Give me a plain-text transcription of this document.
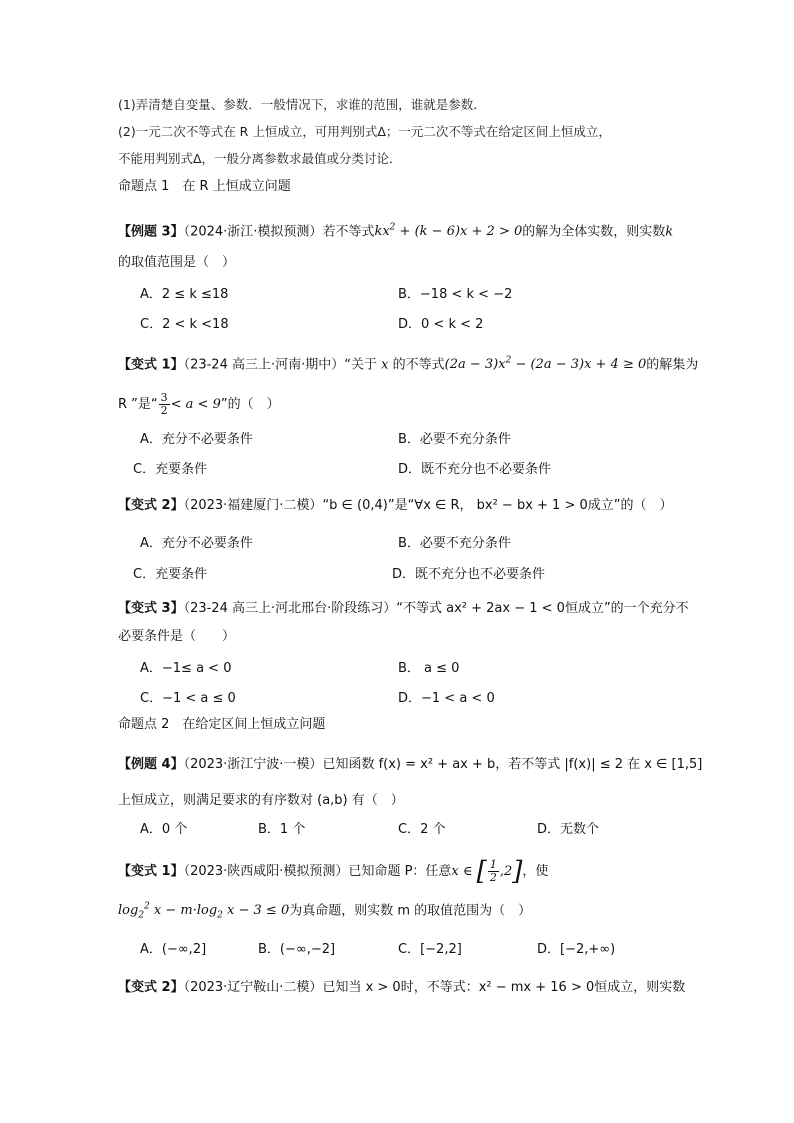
(1)弄清楚自变量、参数．一般情况下，求谁的范围，谁就是参数．
(2)一元二次不等式在 R 上恒成立，可用判别式Δ；一元二次不等式在给定区间上恒成立，
不能用判别式Δ，一般分离参数求最值或分类讨论．
命题点 1　在 R 上恒成立问题
【例题 3】（2024·浙江·模拟预测）若不等式$kx^2 + (k - 6)x + 2 > 0$的解为全体实数，则实数k
的取值范围是（　）
A．2 ≤ k ≤18	B．−18 < k < −2
C．2 < k <18	D．0 < k < 2
【变式 1】（23-24 高三上·河南·期中）“关于 x 的不等式$(2a - 3)x^2 - (2a - 3)x + 4 \ge 0$的解集为
R ”是“ $\frac{3}{2} < a < 9$”的（　）
A．充分不必要条件	B．必要不充分条件
C．充要条件	D．既不充分也不必要条件
【变式 2】（2023·福建厦门·二模）“b ∈ (0,4)”是“∀x ∈ R， bx² − bx + 1 > 0成立”的（　）
A．充分不必要条件	B．必要不充分条件
C．充要条件	D．既不充分也不必要条件
【变式 3】（23-24 高三上·河北邢台·阶段练习）“不等式 ax² + 2ax − 1 < 0恒成立”的一个充分不
必要条件是（　　）
A．−1≤ a < 0	B． a ≤ 0
C．−1 < a ≤ 0	D．−1 < a < 0
命题点 2　在给定区间上恒成立问题
【例题 4】（2023·浙江宁波·一模）已知函数 f(x) = x² + ax + b，若不等式 |f(x)| ≤ 2 在 x ∈ [1,5]
上恒成立，则满足要求的有序数对 (a,b) 有（　）
A．0 个	B．1 个	C．2 个	D．无数个
【变式 1】（2023·陕西咸阳·模拟预测）已知命题 P：任意x ∈ [ $\frac{1}{2} ,2$]，使
$\log_2^2 x - m\cdot\log_2$ x − 3 ≤ 0为真命题，则实数 m 的取值范围为（　）
A．(−∞,2]	B．(−∞,−2]	C．[−2,2]	D．[−2,+∞)
【变式 2】（2023·辽宁鞍山·二模）已知当 x > 0时，不等式：x² − mx + 16 > 0恒成立，则实数
